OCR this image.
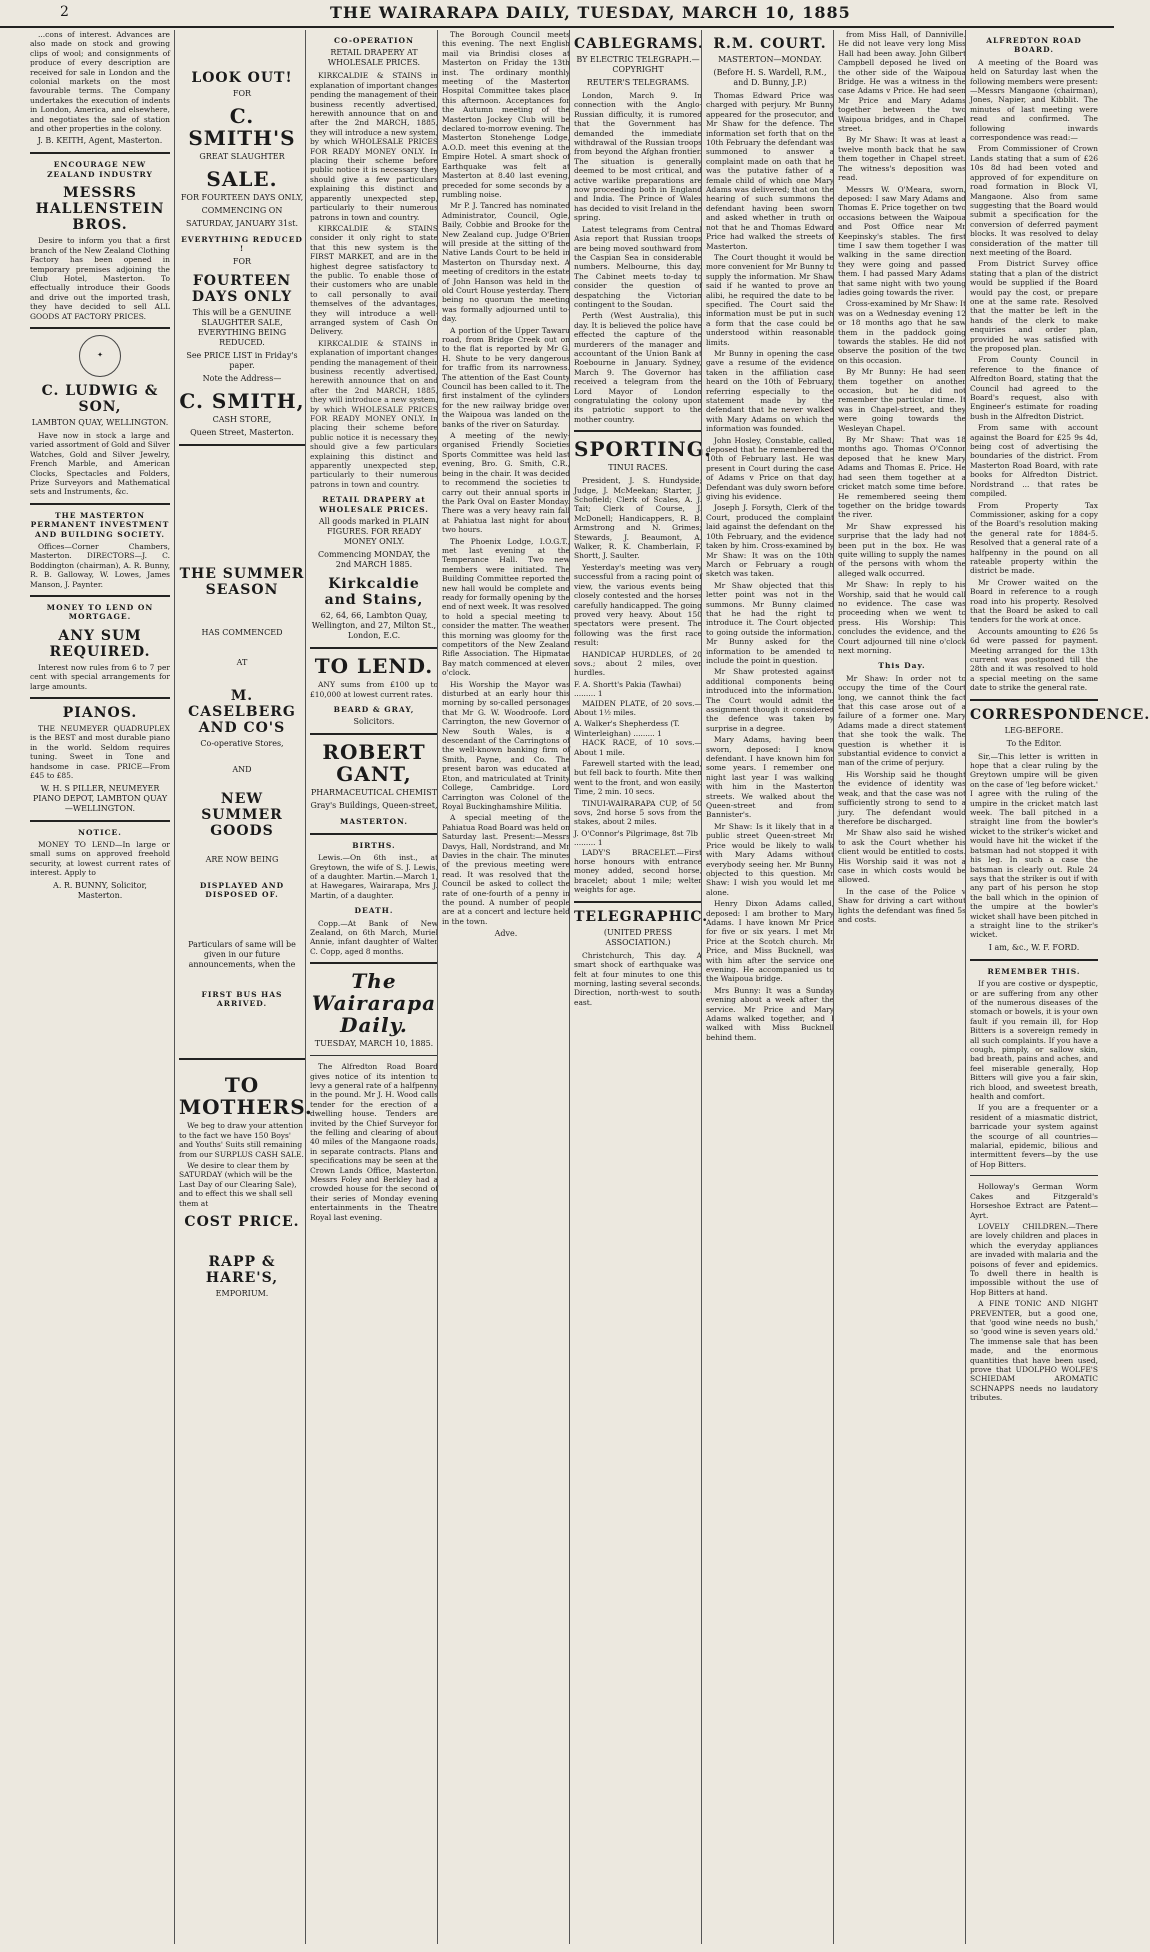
2	THE WAIRARAPA DAILY, TUESDAY, MARCH 10, 1885

...cons of interest. Advances are also made on stock and growing clips of wool; and consignments of produce of every description are received for sale in London and the colonial markets on the most favourable terms. The Company undertakes the execution of indents in London, America, and elsewhere, and negotiates the sale of station and other properties in the colony.

J. B. KEITH, Agent, Masterton.
ENCOURAGE NEW ZEALAND INDUSTRY
MESSRS HALLENSTEIN BROS.

Desire to inform you that a first branch of the New Zealand Clothing Factory has been opened in temporary premises adjoining the Club Hotel, Masterton. To effectually introduce their Goods and drive out the imported trash, they have decided to sell ALL GOODS AT FACTORY PRICES.

✦
C. LUDWIG & SON,
LAMBTON QUAY, WELLINGTON.

Have now in stock a large and varied assortment of Gold and Silver Watches, Gold and Silver Jewelry, French Marble, and American Clocks, Spectacles and Folders, Prize Surveyors and Mathematical sets and Instruments, &c.

THE MASTERTON PERMANENT INVESTMENT AND BUILDING SOCIETY.

Offices—Corner Chambers, Masterton. DIRECTORS—J. C. Boddington (chairman), A. R. Bunny, R. B. Galloway, W. Lowes, James Manson, J. Paynter.

MONEY TO LEND ON MORTGAGE.
ANY SUM REQUIRED.

Interest now rules from 6 to 7 per cent with special arrangements for large amounts.

PIANOS.

THE NEUMEYER QUADRUPLEX is the BEST and most durable piano in the world. Seldom requires tuning. Sweet in Tone and handsome in case. PRICE—From £45 to £85.

W. H. S PILLER, NEUMEYER PIANO DEPOT, LAMBTON QUAY—WELLINGTON.
NOTICE.

MONEY TO LEND—In large or small sums on approved freehold security, at lowest current rates of interest. Apply to

A. R. BUNNY, Solicitor, Masterton.
LOOK OUT!
FOR
C. SMITH'S
GREAT SLAUGHTER
SALE.
FOR FOURTEEN DAYS ONLY,
COMMENCING ON
SATURDAY, JANUARY 31st.
EVERYTHING REDUCED !
FOR
FOURTEEN DAYS ONLY
This will be a GENUINE SLAUGHTER SALE, EVERYTHING BEING REDUCED.
See PRICE LIST in Friday's paper.
Note the Address—
C. SMITH,
CASH STORE,
Queen Street, Masterton.
THE SUMMER SEASON
HAS COMMENCED
AT
M. CASELBERG AND CO'S
Co-operative Stores,
AND
NEW SUMMER GOODS
ARE NOW BEING
DISPLAYED AND DISPOSED OF.
Particulars of same will be given in our future announcements, when the
FIRST BUS HAS ARRIVED.
TO MOTHERS.

We beg to draw your attention to the fact we have 150 Boys' and Youths' Suits still remaining from our SURPLUS CASH SALE.

We desire to clear them by SATURDAY (which will be the Last Day of our Clearing Sale), and to effect this we shall sell them at

COST PRICE.
RAPP & HARE'S,
EMPORIUM.
CO-OPERATION
RETAIL DRAPERY AT WHOLESALE PRICES.

KIRKCALDIE & STAINS in explanation of important changes pending the management of their business recently advertised, herewith announce that on and after the 2nd MARCH, 1885, they will introduce a new system, by which WHOLESALE PRICES FOR READY MONEY ONLY. In placing their scheme before public notice it is necessary they should give a few particulars explaining this distinct and apparently unexpected step, particularly to their numerous patrons in town and country.

KIRKCALDIE & STAINS consider it only right to state that this new system is the FIRST MARKET, and are in the highest degree satisfactory to the public. To enable those of their customers who are unable to call personally to avail themselves of the advantages, they will introduce a well-arranged system of Cash On Delivery.

KIRKCALDIE & STAINS in explanation of important changes pending the management of their business recently advertised, herewith announce that on and after the 2nd MARCH, 1885, they will introduce a new system, by which WHOLESALE PRICES FOR READY MONEY ONLY. In placing their scheme before public notice it is necessary they should give a few particulars explaining this distinct and apparently unexpected step, particularly to their numerous patrons in town and country.

RETAIL DRAPERY at WHOLESALE PRICES.
All goods marked in PLAIN FIGURES. FOR READY MONEY ONLY.
Commencing MONDAY, the 2nd MARCH 1885.
Kirkcaldie and Stains,
62, 64, 66, Lambton Quay, Wellington, and 27, Milton St., London, E.C.
TO LEND.

ANY sums from £100 up to £10,000 at lowest current rates.

BEARD & GRAY,
Solicitors.
ROBERT GANT,
PHARMACEUTICAL CHEMIST
Gray's Buildings, Queen-street,
MASTERTON.
BIRTHS.

Lewis.—On 6th inst., at Greytown, the wife of S. J. Lewis, of a daughter. Martin.—March 1, at Hawegares, Wairarapa, Mrs J. Martin, of a daughter.

DEATH.

Copp.—At Bank of New Zealand, on 6th March, Muriel Annie, infant daughter of Walter C. Copp, aged 8 months.

The Wairarapa Daily.
TUESDAY, MARCH 10, 1885.

The Alfredton Road Board gives notice of its intention to levy a general rate of a halfpenny in the pound. Mr J. H. Wood calls tender for the erection of a dwelling house. Tenders are invited by the Chief Surveyor for the felling and clearing of about 40 miles of the Mangaone roads, in separate contracts. Plans and specifications may be seen at the Crown Lands Office, Masterton. Messrs Foley and Berkley had a crowded house for the second of their series of Monday evening entertainments in the Theatre Royal last evening.

The Borough Council meets this evening. The next English mail via Brindisi closes at Masterton on Friday the 13th inst. The ordinary monthly meeting of the Masterton Hospital Committee takes place this afternoon. Acceptances for the Autumn meeting of the Masterton Jockey Club will be declared to-morrow evening. The Masterton Stonehenge Lodge, A.O.D. meet this evening at the Empire Hotel. A smart shock of Earthquake was felt at Masterton at 8.40 last evening, preceded for some seconds by a rumbling noise.

Mr P. J. Tancred has nominated Administrator, Council, Ogle, Baily, Cobbie and Brooke for the New Zealand cup. Judge O'Brien will preside at the sitting of the Native Lands Court to be held in Masterton on Thursday next. A meeting of creditors in the estate of John Hanson was held in the old Court House yesterday. There being no quorum the meeting was formally adjourned until to-day.

A portion of the Upper Tawaru road, from Bridge Creek out on to the flat is reported by Mr G. H. Shute to be very dangerous for traffic from its narrowness. The attention of the East County Council has been called to it. The first instalment of the cylinders for the new railway bridge over the Waipoua was landed on the banks of the river on Saturday.

A meeting of the newly-organised Friendly Societies Sports Committee was held last evening, Bro. G. Smith, C.R., being in the chair. It was decided to recommend the societies to carry out their annual sports in the Park Oval on Easter Monday. There was a very heavy rain fall at Pahiatua last night for about two hours.

The Phoenix Lodge, I.O.G.T., met last evening at the Temperance Hall. Two new members were initiated. The Building Committee reported the new hall would be complete and ready for formally opening by the end of next week. It was resolved to hold a special meeting to consider the matter. The weather this morning was gloomy for the competitors of the New Zealand Rifle Association. The Hipmatae Bay match commenced at eleven o'clock.

His Worship the Mayor was disturbed at an early hour this morning by so-called personages that Mr G. W. Woodroofe. Lord Carrington, the new Governor of New South Wales, is a descendant of the Carringtons of the well-known banking firm of Smith, Payne, and Co. The present baron was educated at Eton, and matriculated at Trinity College, Cambridge. Lord Carrington was Colonel of the Royal Buckinghamshire Militia.

A special meeting of the Pahiatua Road Board was held on Saturday last. Present:—Messrs Davys, Hall, Nordstrand, and Mr Davies in the chair. The minutes of the previous meeting were read. It was resolved that the Council be asked to collect the rate of one-fourth of a penny in the pound. A number of people are at a concert and lecture held in the town.

Adve.
CABLEGRAMS.
BY ELECTRIC TELEGRAPH.—COPYRIGHT
REUTER'S TELEGRAMS.

London, March 9. In connection with the Anglo-Russian difficulty, it is rumored that the Government has demanded the immediate withdrawal of the Russian troops from beyond the Afghan frontier. The situation is generally deemed to be most critical, and active warlike preparations are now proceeding both in England and India. The Prince of Wales has decided to visit Ireland in the spring.

Latest telegrams from Central Asia report that Russian troops are being moved southward from the Caspian Sea in considerable numbers. Melbourne, this day. The Cabinet meets to-day to consider the question of despatching the Victorian contingent to the Soudan.

Perth (West Australia), this day. It is believed the police have effected the capture of the murderers of the manager and accountant of the Union Bank at Roebourne in January. Sydney, March 9. The Governor has received a telegram from the Lord Mayor of London congratulating the colony upon its patriotic support to the mother country.

SPORTING.
TINUI RACES.

President, J. S. Hundyside; Judge, J. McMeekan; Starter, J. Schofield; Clerk of Scales, A. J. Tait; Clerk of Course, J. McDonell; Handicappers, R. B. Armstrong and N. Grimes; Stewards, J. Beaumont, A. Walker, R. K. Chamberlain, F. Shortt, J. Saulter.

Yesterday's meeting was very successful from a racing point of view, the various events being closely contested and the horses carefully handicapped. The going proved very heavy. About 150 spectators were present. The following was the first race result:

HANDICAP HURDLES, of 20 sovs.; about 2 miles, over hurdles.

F. A. Shortt's Pakia (Tawhai) ......... 1

MAIDEN PLATE, of 20 sovs.—About 1½ miles.

A. Walker's Shepherdess (T. Winterleighan) ......... 1

HACK RACE, of 10 sovs.—About 1 mile.

Farewell started with the lead, but fell back to fourth. Mite then went to the front, and won easily. Time, 2 min. 10 secs.

TINUI-WAIRARAPA CUP, of 50 sovs, 2nd horse 5 sovs from the stakes, about 2 miles.

J. O'Connor's Pilgrimage, 8st 7lb ......... 1

LADY'S BRACELET.—First horse honours with entrance money added, second horse, bracelet; about 1 mile; welter weights for age.

TELEGRAPHIC.
(UNITED PRESS ASSOCIATION.)

Christchurch, This day. A smart shock of earthquake was felt at four minutes to one this morning, lasting several seconds. Direction, north-west to south-east.

R.M. COURT.
MASTERTON—MONDAY.
(Before H. S. Wardell, R.M., and D. Bunny, J.P.)

Thomas Edward Price was charged with perjury. Mr Bunny appeared for the prosecutor, and Mr Shaw for the defence. The information set forth that on the 10th February the defendant was summoned to answer a complaint made on oath that he was the putative father of a female child of which one Mary Adams was delivered; that on the hearing of such summons the defendant having been sworn and asked whether in truth or not that he and Thomas Edward Price had walked the streets of Masterton.

The Court thought it would be more convenient for Mr Bunny to supply the information. Mr Shaw said if he wanted to prove an alibi, he required the date to be specified. The Court said the information must be put in such a form that the case could be understood within reasonable limits.

Mr Bunny in opening the case gave a resume of the evidence taken in the affiliation case heard on the 10th of February, referring especially to the statement made by the defendant that he never walked with Mary Adams on which the information was founded.

John Hosley, Constable, called, deposed that he remembered the 10th of February last. He was present in Court during the case of Adams v Price on that day. Defendant was duly sworn before giving his evidence.

Joseph J. Forsyth, Clerk of the Court, produced the complaint laid against the defendant on the 10th February, and the evidence taken by him. Cross-examined by Mr Shaw: It was on the 10th March or February a rough sketch was taken.

Mr Shaw objected that this letter point was not in the summons. Mr Bunny claimed that he had the right to introduce it. The Court objected to going outside the information. Mr Bunny asked for the information to be amended to include the point in question.

Mr Shaw protested against additional components being introduced into the information. The Court would admit the assignment though it considered the defence was taken by surprise in a degree.

Mary Adams, having been sworn, deposed: I know defendant. I have known him for some years. I remember one night last year I was walking with him in the Masterton streets. We walked about the Queen-street and from Bannister's.

Mr Shaw: Is it likely that in a public street Queen-street Mr Price would be likely to walk with Mary Adams without everybody seeing her. Mr Bunny objected to this question. Mr Shaw: I wish you would let me alone.

Henry Dixon Adams called, deposed: I am brother to Mary Adams. I have known Mr Price for five or six years. I met Mr Price at the Scotch church. Mr Price, and Miss Bucknell, was with him after the service one evening. He accompanied us to the Waipoua bridge.

Mrs Bunny: It was a Sunday evening about a week after the service. Mr Price and Mary Adams walked together, and I walked with Miss Bucknell behind them.

from Miss Hall, of Danniville. He did not leave very long Miss Hall had been away. John Gilbert Campbell deposed he lived on the other side of the Waipoua Bridge. He was a witness in the case Adams v Price. He had seen Mr Price and Mary Adams together between the two Waipoua bridges, and in Chapel street.

By Mr Shaw: It was at least a twelve month back that he saw them together in Chapel street. The witness's deposition was read.

Messrs W. O'Meara, sworn, deposed: I saw Mary Adams and Thomas E. Price together on two occasions between the Waipoua and Post Office near Mr Keepinsky's stables. The first time I saw them together I was walking in the same direction they were going and passed them. I had passed Mary Adams that same night with two young ladies going towards the river.

Cross-examined by Mr Shaw: It was on a Wednesday evening 12 or 18 months ago that he saw them in the paddock going towards the stables. He did not observe the position of the two on this occasion.

By Mr Bunny: He had seen them together on another occasion, but he did not remember the particular time. It was in Chapel-street, and they were going towards the Wesleyan Chapel.

By Mr Shaw: That was 18 months ago. Thomas O'Connor deposed that he knew Mary Adams and Thomas E. Price. He had seen them together at a cricket match some time before. He remembered seeing them together on the bridge towards the river.

Mr Shaw expressed his surprise that the lady had not been put in the box. He was quite willing to supply the names of the persons with whom the alleged walk occurred.

Mr Shaw: In reply to his Worship, said that he would call no evidence. The case was proceeding when we went to press. His Worship: This concludes the evidence, and the Court adjourned till nine o'clock next morning.

This Day.

Mr Shaw: In order not to occupy the time of the Court long, we cannot think the fact that this case arose out of a failure of a former one. Mary Adams made a direct statement that she took the walk. The question is whether it is substantial evidence to convict a man of the crime of perjury.

His Worship said he thought the evidence of identity was weak, and that the case was not sufficiently strong to send to a jury. The defendant would therefore be discharged.

Mr Shaw also said he wished to ask the Court whether his client would be entitled to costs. His Worship said it was not a case in which costs would be allowed.

In the case of the Police v Shaw for driving a cart without lights the defendant was fined 5s and costs.

ALFREDTON ROAD BOARD.

A meeting of the Board was held on Saturday last when the following members were present:—Messrs Mangaone (chairman), Jones, Napier, and Kibblit. The minutes of last meeting were read and confirmed. The following inwards correspondence was read:—

From Commissioner of Crown Lands stating that a sum of £26 10s 8d had been voted and approved of for expenditure on road formation in Block VI, Mangaone. Also from same suggesting that the Board would submit a specification for the conversion of deferred payment blocks. It was resolved to delay consideration of the matter till next meeting of the Board.

From District Survey office stating that a plan of the district would be supplied if the Board would pay the cost, or prepare one at the same rate. Resolved that the matter be left in the hands of the clerk to make enquiries and order plan, provided he was satisfied with the proposed plan.

From County Council in reference to the finance of Alfredton Board, stating that the Council had agreed to the Board's request, also with Engineer's estimate for roading bush in the Alfredton District.

From same with account against the Board for £25 9s 4d, being cost of advertising the boundaries of the district. From Masterton Road Board, with rate books for Alfredton District. Nordstrand ... that rates be compiled.

From Property Tax Commissioner, asking for a copy of the Board's resolution making the general rate for 1884-5. Resolved that a general rate of a halfpenny in the pound on all rateable property within the district be made.

Mr Crower waited on the Board in reference to a rough road into his property. Resolved that the Board be asked to call tenders for the work at once.

Accounts amounting to £26 5s 6d were passed for payment. Meeting arranged for the 13th current was postponed till the 28th and it was resolved to hold a special meeting on the same date to strike the general rate.

CORRESPONDENCE.
LEG-BEFORE.
To the Editor.

Sir,—This letter is written in hope that a clear ruling by the Greytown umpire will be given on the case of 'leg before wicket.' I agree with the ruling of the umpire in the cricket match last week. The ball pitched in a straight line from the bowler's wicket to the striker's wicket and would have hit the wicket if the batsman had not stopped it with his leg. In such a case the batsman is clearly out. Rule 24 says that the striker is out if with any part of his person he stop the ball which in the opinion of the umpire at the bowler's wicket shall have been pitched in a straight line to the striker's wicket.

I am, &c., W. F. FORD.
REMEMBER THIS.

If you are costive or dyspeptic, or are suffering from any other of the numerous diseases of the stomach or bowels, it is your own fault if you remain ill, for Hop Bitters is a sovereign remedy in all such complaints. If you have a cough, pimply, or sallow skin, bad breath, pains and aches, and feel miserable generally, Hop Bitters will give you a fair skin, rich blood, and sweetest breath, health and comfort.

If you are a frequenter or a resident of a miasmatic district, barricade your system against the scourge of all countries—malarial, epidemic, bilious and intermittent fevers—by the use of Hop Bitters.

Holloway's German Worm Cakes and Fitzgerald's Horseshoe Extract are Patent—Ayrt.

LOVELY CHILDREN.—There are lovely children and places in which the everyday appliances are invaded with malaria and the poisons of fever and epidemics. To dwell there in health is impossible without the use of Hop Bitters at hand.

A FINE TONIC AND NIGHT PREVENTER, but a good one, that 'good wine needs no bush,' so 'good wine is seven years old.' The immense sale that has been made, and the enormous quantities that have been used, prove that UDOLPHO WOLFE'S SCHIEDAM AROMATIC SCHNAPPS needs no laudatory tributes.
